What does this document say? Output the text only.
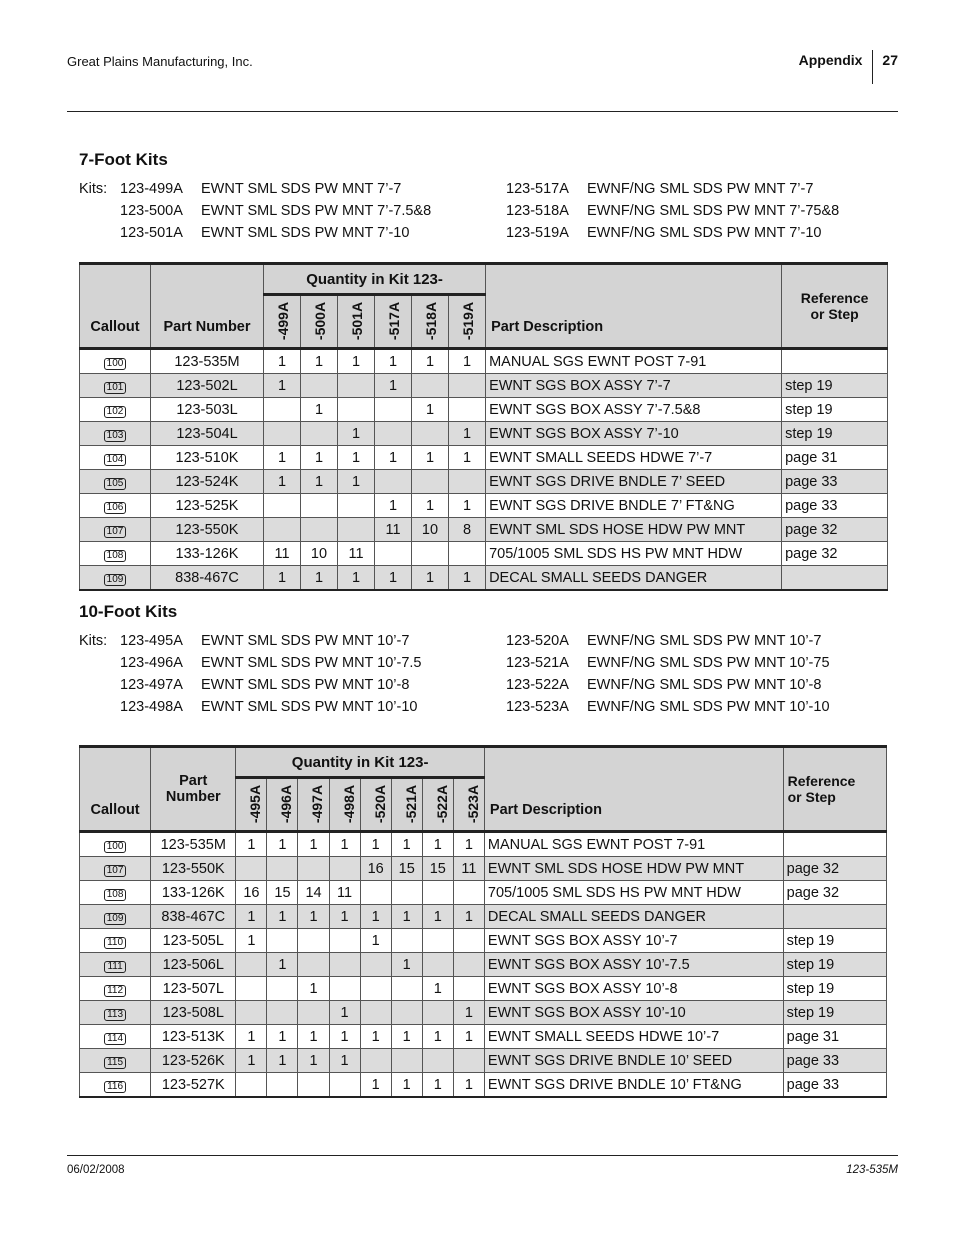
Great Plains Manufacturing, Inc.	Appendix	27
7-Foot Kits
Kits: 123-499A	EWNT SML SDS PW MNT 7’-7	123-517A	EWNF/NG SML SDS PW MNT 7’-7
123-500A	EWNT SML SDS PW MNT 7’-7.5&8	123-518A	EWNF/NG SML SDS PW MNT 7’-75&8
123-501A	EWNT SML SDS PW MNT 7’-10	123-519A	EWNF/NG SML SDS PW MNT 7’-10
Callout	Part Number	Quantity in Kit 123-						Part Description	Reference
or Step
		-499A	-500A	-501A	-517A	-518A	-519A		
100	123-535M	1	1	1	1	1	1	MANUAL SGS EWNT POST 7-91	
101	123-502L	1			1			EWNT SGS BOX ASSY 7’-7	step 19
102	123-503L		1			1		EWNT SGS BOX ASSY 7’-7.5&8	step 19
103	123-504L			1			1	EWNT SGS BOX ASSY 7’-10	step 19
104	123-510K	1	1	1	1	1	1	EWNT SMALL SEEDS HDWE 7’-7	page 31
105	123-524K	1	1	1				EWNT SGS DRIVE BNDLE 7’ SEED	page 33
106	123-525K				1	1	1	EWNT SGS DRIVE BNDLE 7’ FT&NG	page 33
107	123-550K				11	10	8	EWNT SML SDS HOSE HDW PW MNT	page 32
108	133-126K	11	10	11				705/1005 SML SDS HS PW MNT HDW	page 32
109	838-467C	1	1	1	1	1	1	DECAL SMALL SEEDS DANGER	
10-Foot Kits
Kits: 123-495A	EWNT SML SDS PW MNT 10’-7	123-520A	EWNF/NG SML SDS PW MNT 10’-7
123-496A	EWNT SML SDS PW MNT 10’-7.5	123-521A	EWNF/NG SML SDS PW MNT 10’-75
123-497A	EWNT SML SDS PW MNT 10’-8	123-522A	EWNF/NG SML SDS PW MNT 10’-8
123-498A	EWNT SML SDS PW MNT 10’-10	123-523A	EWNF/NG SML SDS PW MNT 10’-10
Callout	Part
Number	Quantity in Kit 123-								Part Description	Reference
or Step
		-495A	-496A	-497A	-498A	-520A	-521A	-522A	-523A		
100	123-535M	1	1	1	1	1	1	1	1	MANUAL SGS EWNT POST 7-91	
107	123-550K					16	15	15	11	EWNT SML SDS HOSE HDW PW MNT	page 32
108	133-126K	16	15	14	11					705/1005 SML SDS HS PW MNT HDW	page 32
109	838-467C	1	1	1	1	1	1	1	1	DECAL SMALL SEEDS DANGER	
110	123-505L	1				1				EWNT SGS BOX ASSY 10’-7	step 19
111	123-506L		1				1			EWNT SGS BOX ASSY 10’-7.5	step 19
112	123-507L			1				1		EWNT SGS BOX ASSY 10’-8	step 19
113	123-508L				1				1	EWNT SGS BOX ASSY 10’-10	step 19
114	123-513K	1	1	1	1	1	1	1	1	EWNT SMALL SEEDS HDWE 10’-7	page 31
115	123-526K	1	1	1	1					EWNT SGS DRIVE BNDLE 10’ SEED	page 33
116	123-527K					1	1	1	1	EWNT SGS DRIVE BNDLE 10’ FT&NG	page 33
06/02/2008	123-535M
